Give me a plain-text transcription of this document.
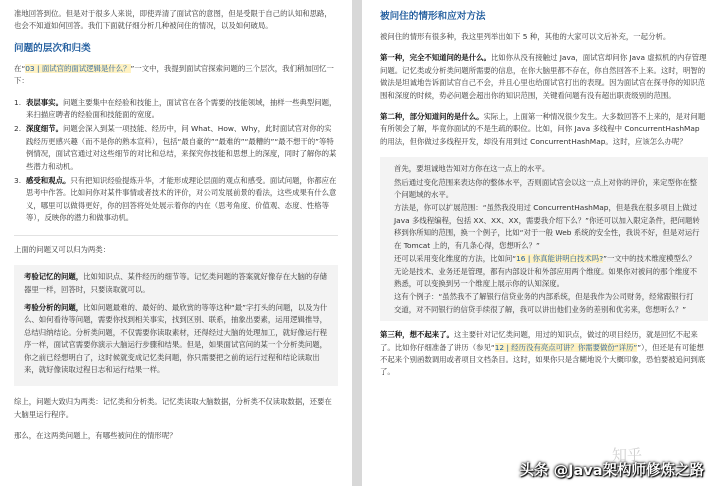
准地回答到位。但是对于很多人来说，即使弄清了面试官的意图，但是受限于自己的认知和思路，也会不知道如何回答。我们下面就仔细分析几种被问住的情况，以及如何破局。
问题的层次和归类
在“03 | 面试官的面试逻辑是什么？”一文中，我提到面试官探索问题的三个层次，我们稍加回忆一下：
1. 表层事实。问题主要集中在经验和技能上，面试官在各个需要的技能领域，抽样一些典型问题，来扫描应聘者的经验面和技能面的宽度。
2. 深度细节。问题会深入到某一项技能、经历中，问 What、How、Why，此时面试官对你的实践经历更感兴趣（而不是你的熟本宣科），包括“最自豪的”“最难的”“最糟的”“最不想干的”等特例情况，面试官通过对这些细节的对比和总结，来探究你技能和思想上的深度，同时了解你的某些潜力和动机。
3. 感受和观点。只有把知识经验提炼升华，才能形成理论层面的观点和感受。面试问题，你都应在思考中作答。比如问你对某件事情或者技术的评价，对公司发展前景的看法，这些成果有什么意义，哪里可以做得更好，你的回答将处处展示着你的内在（思考角度、价值观、态度、性格等等），反映你的潜力和做事动机。
上面的问题又可以归为两类：
考验记忆的问题，比如知识点、某件经历的细节等。记忆类问题的答案就好像存在大脑的存储器里一样，回答时，只要读取就可以。
考验分析的问题，比如问题最难的、最好的、最欣赏的等等这种“最”字打头的问题，以及为什么、如何看待等问题，需要你找到相关事实，找到区别、联系，抽象出要素，运用逻辑推导，总结归纳结论。分析类问题，不仅需要你读取素材，还得经过大脑的处理加工，就好像运行程序一样，面试官需要你演示大脑运行步骤和结果。但是，如果面试官问的某一个分析类问题，你之前已经想明白了，这时候就变成记忆类问题，你只需要把之前的运行过程和结论读取出来，就好像读取过程日志和运行结果一样。
综上，问题大致归为两类：记忆类和分析类。记忆类读取大脑数据，分析类不仅读取数据，还要在大脑里运行程序。
那么，在这两类问题上，有哪些被问住的情形呢？
被问住的情形和应对方法
被问住的情形有很多种，我这里列举出如下 5 种，其他的大家可以文后补充，一起分析。
第一种，完全不知道问的是什么。比如你从没有接触过 Java，面试官却问你 Java 虚拟机的内存管理问题。记忆类或分析类问题所需要的信息，在你大脑里都不存在，你自然回答不上来。这时，明智的做法是坦诚地告诉面试官自己不会，并且心里也给面试官打出的表现。因为面试官在探寻你的知识范围和深度的时候，势必问题会超出你的知识范围，关键看问题有没有超出职责级别的范围。
第二种，部分知道问的是什么。实际上，上面第一种情况很少发生。大多数回答不上来的，是对问题有所领会了解，毕竟你面试的不是生疏的职位。比如，问你 Java 多线程中 ConcurrentHashMap 的用法，但你做过多线程开发，却没有用到过 ConcurrentHashMap。这时，应该怎么办呢？
首先，要坦诚地告知对方你在这一点上的水平。
然后通过变化范围来表达你的整体水平，否则面试官会以这一点上对你的评价，来定型你在整个问题域的水平。
方法是，你可以扩展范围：“虽然我没用过 ConcurrentHashMap，但是我在很多项目上做过 Java 多线程编程，包括 XX、XX、XX，需要我介绍下么？”你还可以加入限定条件，把问题转移到你所知的范围，换一个例子，比如“对于一般 Web 系统的安全性，我说不好，但是对运行在 Tomcat 上的，有几条心得，您想听么？”
还可以采用变化维度的方法，比如问“16 | 你真能讲明白技术吗?”一文中的技术维度模型么？无论是技术、业务还是管理，都有内部设计和外部应用两个维度。如果你对被问的那个维度不熟悉，可以变换到另一个维度上展示你的认知深度。
这有个例子：“虽然我不了解银行信贷业务的内部系统，但是我作为公司财务，经常跟银行打交道，对不同银行的信贷手续很了解，我可以讲出他们业务的差别和优劣来，您想听么？”
第三种，想不起来了。这主要针对记忆类问题，用过的知识点，做过的项目经历，就是回忆不起来了。比如你仔细准备了讲历（参见“12 | 经历没有亮点可讲？你需要做份“详历””），但还是有可能想不起来个别函数调用或者项目文档条目。这时，如果你只是含糊地说个大概印象，恐怕要被追问到底了。
知乎
头条 @Java架构师修炼之路
